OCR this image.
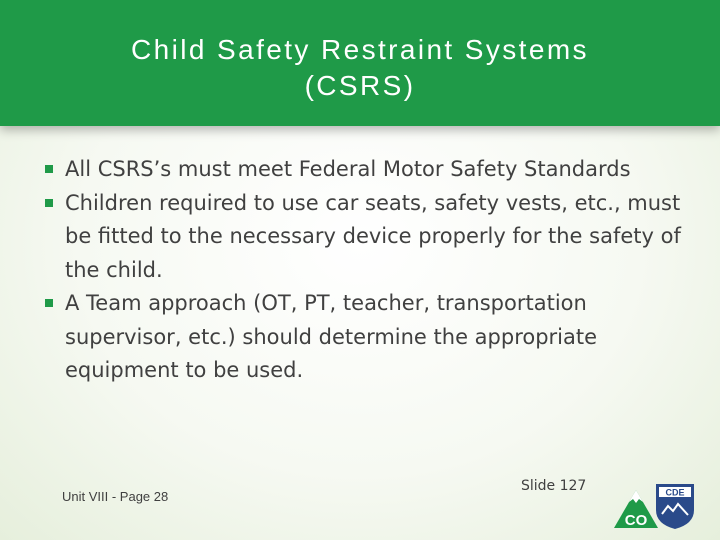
Child Safety Restraint Systems
(CSRS)
All CSRS’s must meet Federal Motor Safety Standards
Children required to use car seats, safety vests, etc., must be fitted to the necessary device properly for the safety of the child.
A Team approach (OT, PT, teacher, transportation supervisor, etc.) should determine the appropriate equipment to be used.
Unit VIII - Page 28
Slide 127	CDE
CO
